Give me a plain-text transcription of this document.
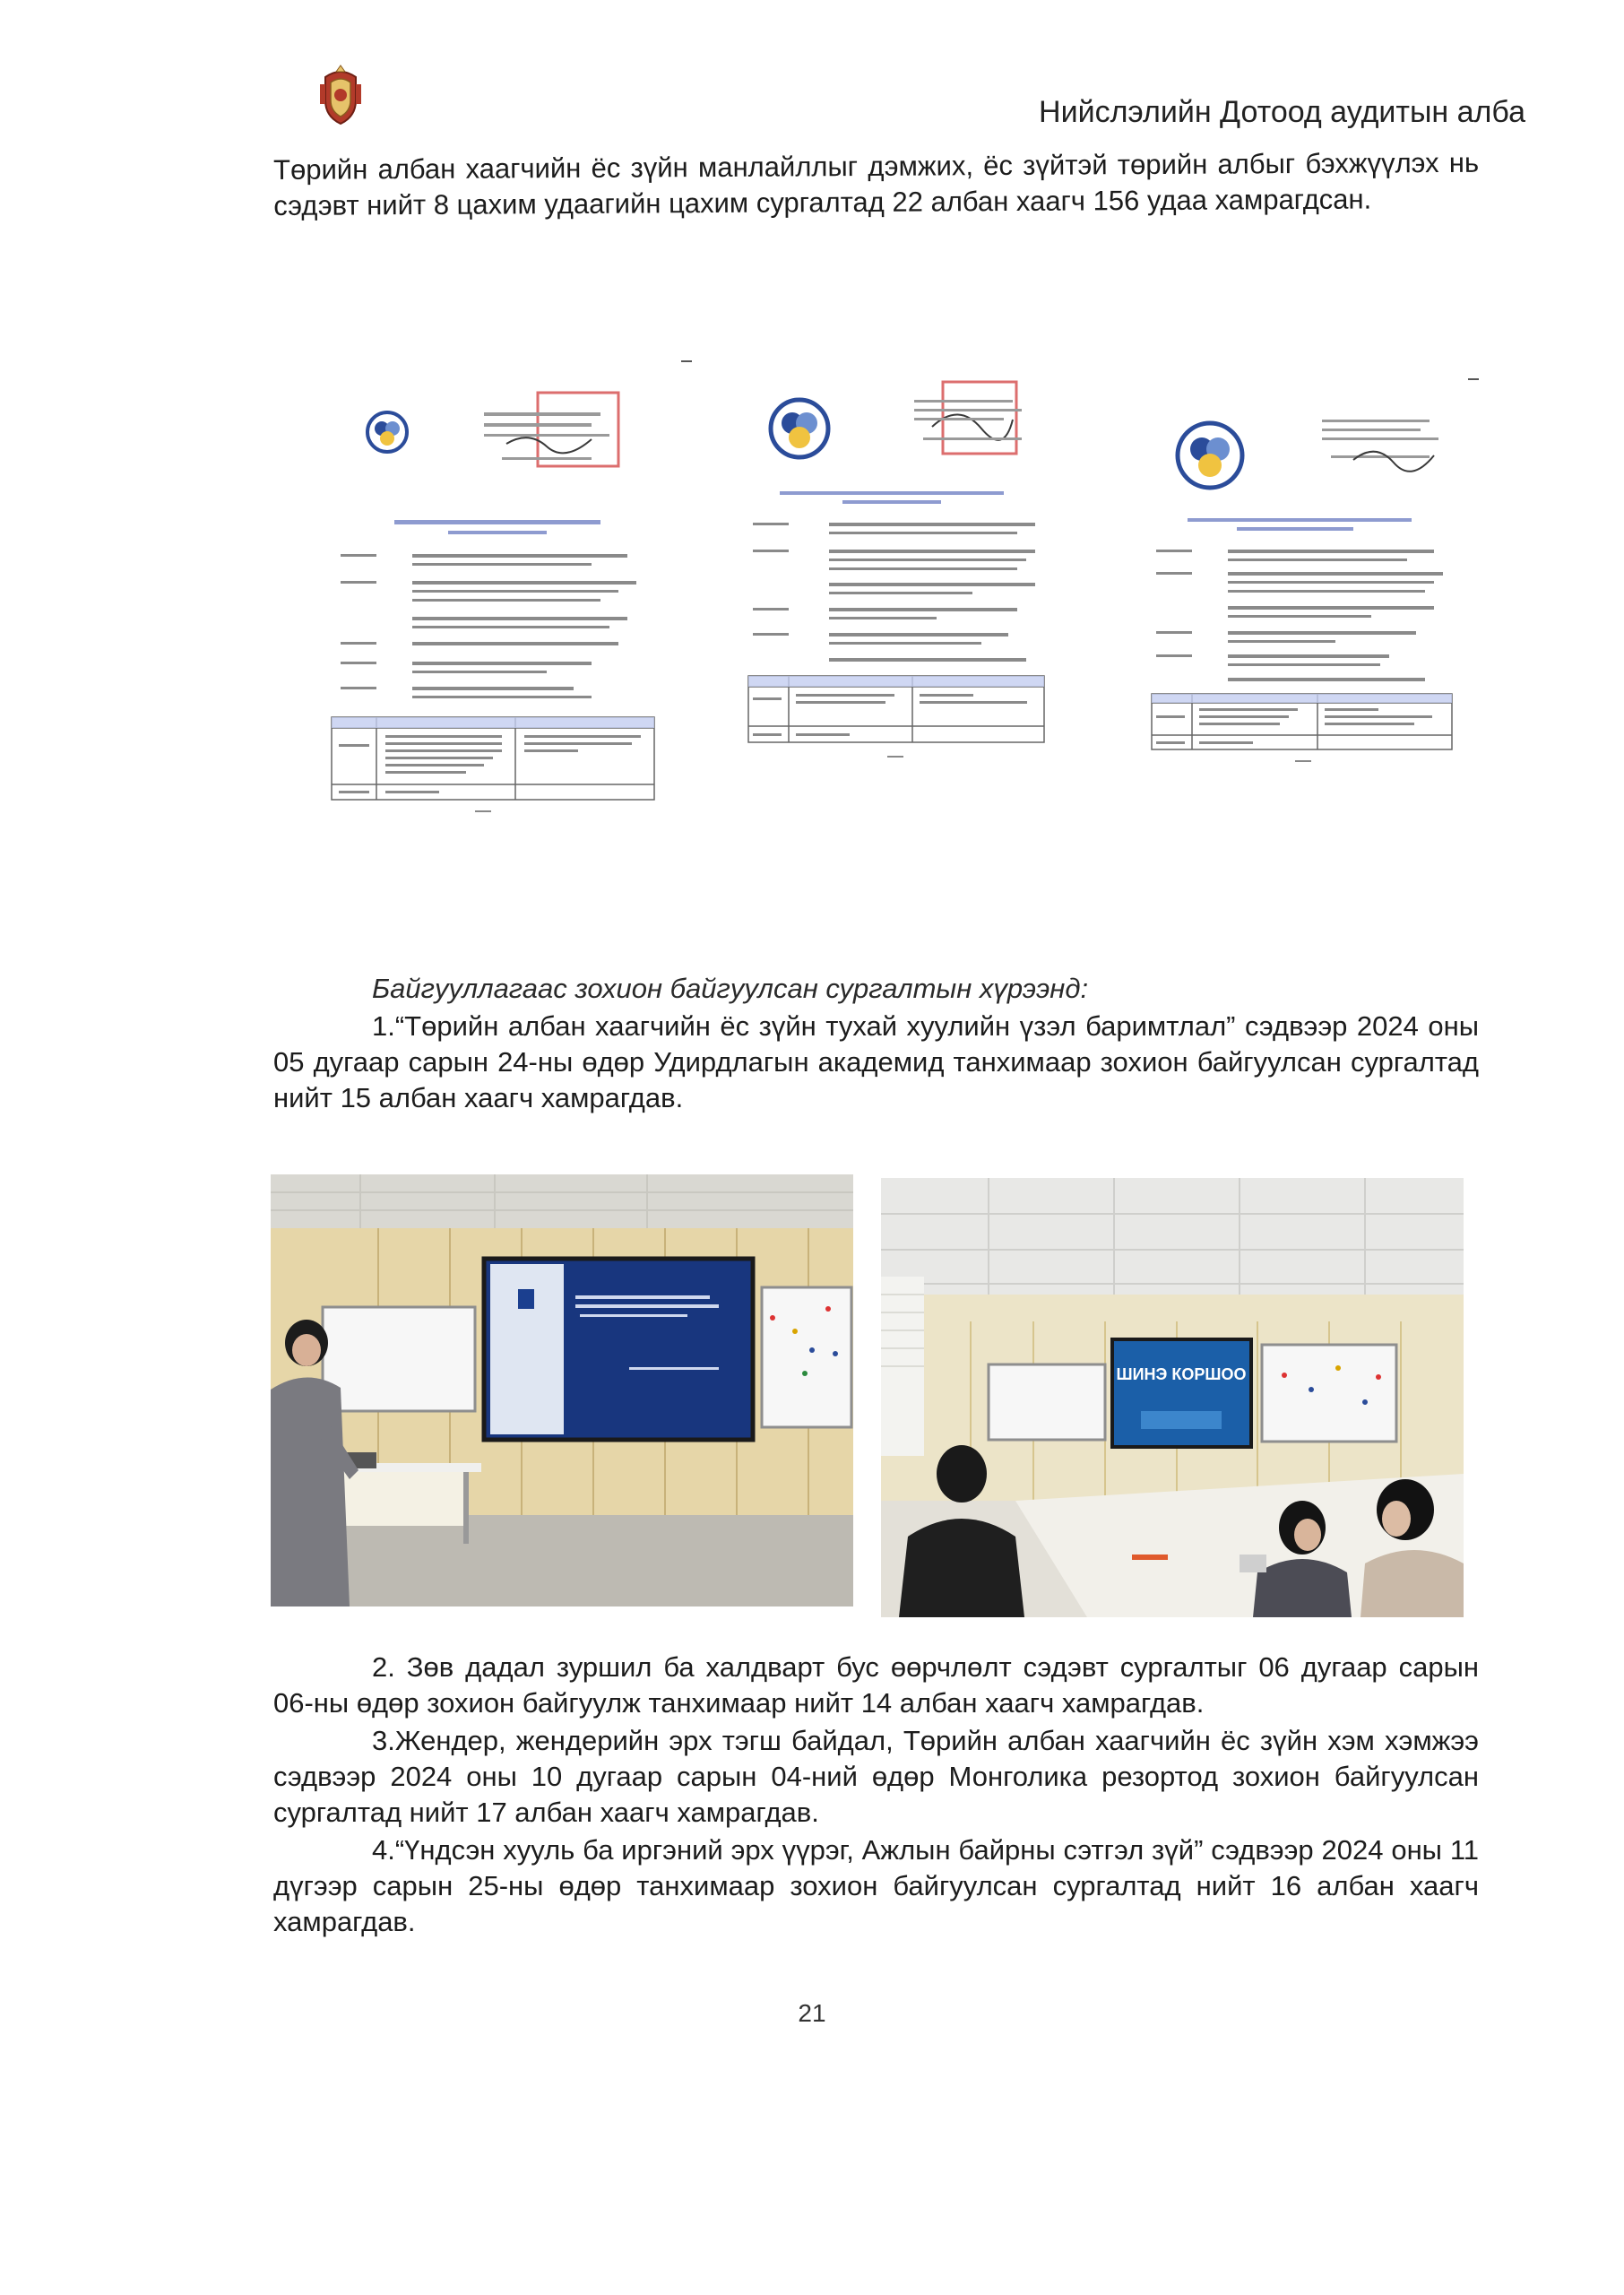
Нийслэлийн Дотоод аудитын алба
Төрийн албан хаагчийн ёс зүйн манлайллыг дэмжих, ёс зүйтэй төрийн албыг бэхжүүлэх нь сэдэвт нийт 8 цахим удаагийн цахим сургалтад 22 албан хаагч 156 удаа хамрагдсан.
Байгууллагаас зохион байгуулсан сургалтын хүрээнд:
1.“Төрийн албан хаагчийн ёс зүйн тухай хуулийн үзэл баримтлал” сэдвээр 2024 оны 05 дугаар сарын 24-ны өдөр Удирдлагын академид танхимаар зохион байгуулсан сургалтад нийт 15 албан хаагч хамрагдав.
ШИНЭ КОРШОО
2. Зөв дадал зуршил ба халдварт бус өөрчлөлт сэдэвт сургалтыг 06 дугаар сарын 06-ны өдөр зохион байгуулж танхимаар нийт 14 албан хаагч хамрагдав.
3.Жендер, жендерийн эрх тэгш байдал, Төрийн албан хаагчийн ёс зүйн хэм хэмжээ сэдвээр 2024 оны 10 дугаар сарын 04-ний өдөр Монголика резортод зохион байгуулсан сургалтад нийт 17 албан хаагч хамрагдав.
4.“Үндсэн хууль ба иргэний эрх үүрэг, Ажлын байрны сэтгэл зүй” сэдвээр 2024 оны 11 дүгээр сарын 25-ны өдөр танхимаар зохион байгуулсан сургалтад нийт 16 албан хаагч хамрагдав.
21
